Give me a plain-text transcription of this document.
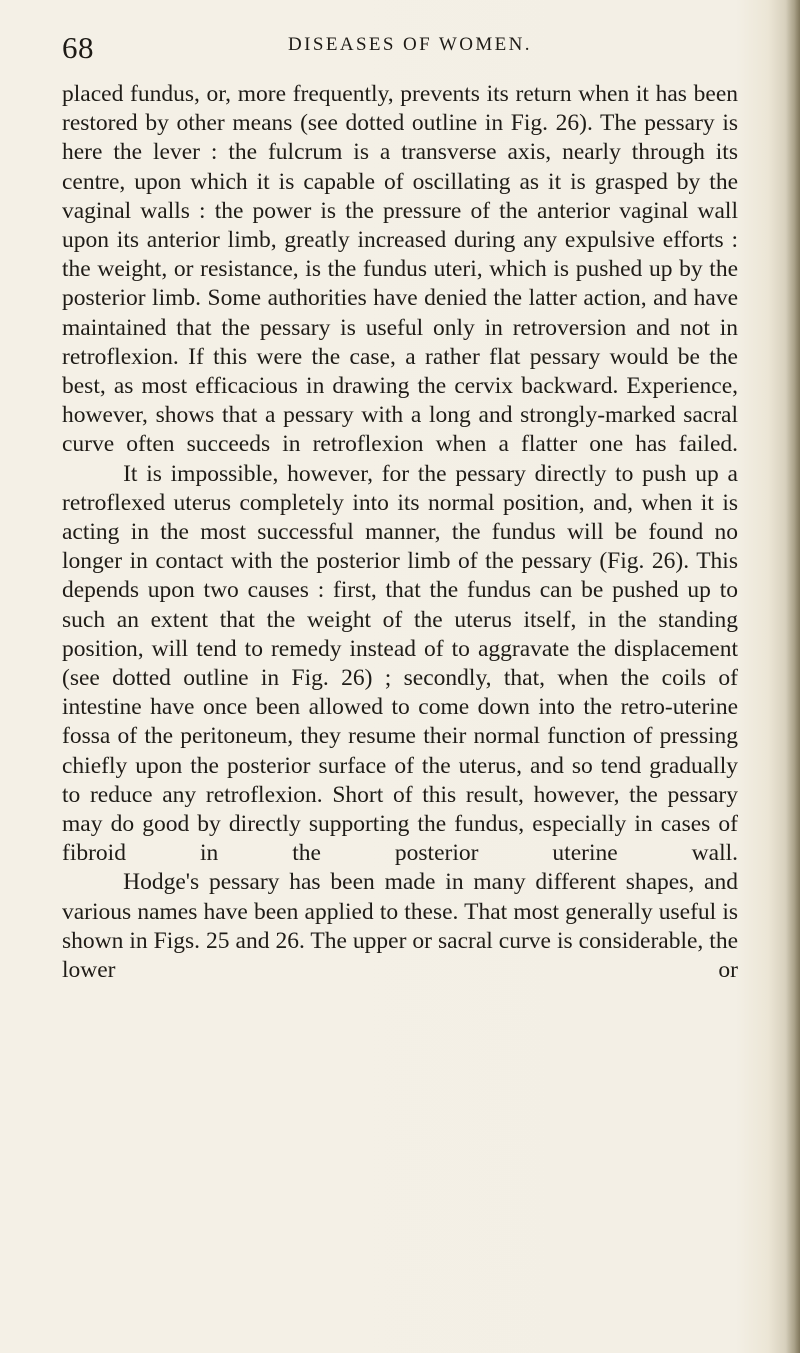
68	DISEASES OF WOMEN.

placed fundus, or, more frequently, prevents its return when it has been restored by other means (see dotted outline in Fig. 26). The pessary is here the lever : the fulcrum is a transverse axis, nearly through its centre, upon which it is capable of oscillating as it is grasped by the vaginal walls : the power is the pressure of the anterior vaginal wall upon its anterior limb, greatly increased during any expulsive efforts : the weight, or resistance, is the fundus uteri, which is pushed up by the posterior limb. Some authorities have denied the latter action, and have maintained that the pessary is useful only in retroversion and not in retroflexion. If this were the case, a rather flat pessary would be the best, as most efficacious in drawing the cervix backward. Experience, however, shows that a pessary with a long and strongly-marked sacral curve often succeeds in retroflexion when a flatter one has failed.

It is impossible, however, for the pessary directly to push up a retroflexed uterus completely into its normal position, and, when it is acting in the most successful manner, the fundus will be found no longer in contact with the posterior limb of the pessary (Fig. 26). This depends upon two causes : first, that the fundus can be pushed up to such an extent that the weight of the uterus itself, in the standing position, will tend to remedy instead of to aggravate the displacement (see dotted outline in Fig. 26) ; secondly, that, when the coils of intestine have once been allowed to come down into the retro-uterine fossa of the peritoneum, they resume their normal function of pressing chiefly upon the posterior surface of the uterus, and so tend gradually to reduce any retroflexion. Short of this result, however, the pessary may do good by directly supporting the fundus, especially in cases of fibroid in the posterior uterine wall.

Hodge's pessary has been made in many different shapes, and various names have been applied to these. That most generally useful is shown in Figs. 25 and 26. The upper or sacral curve is considerable, the lower or
